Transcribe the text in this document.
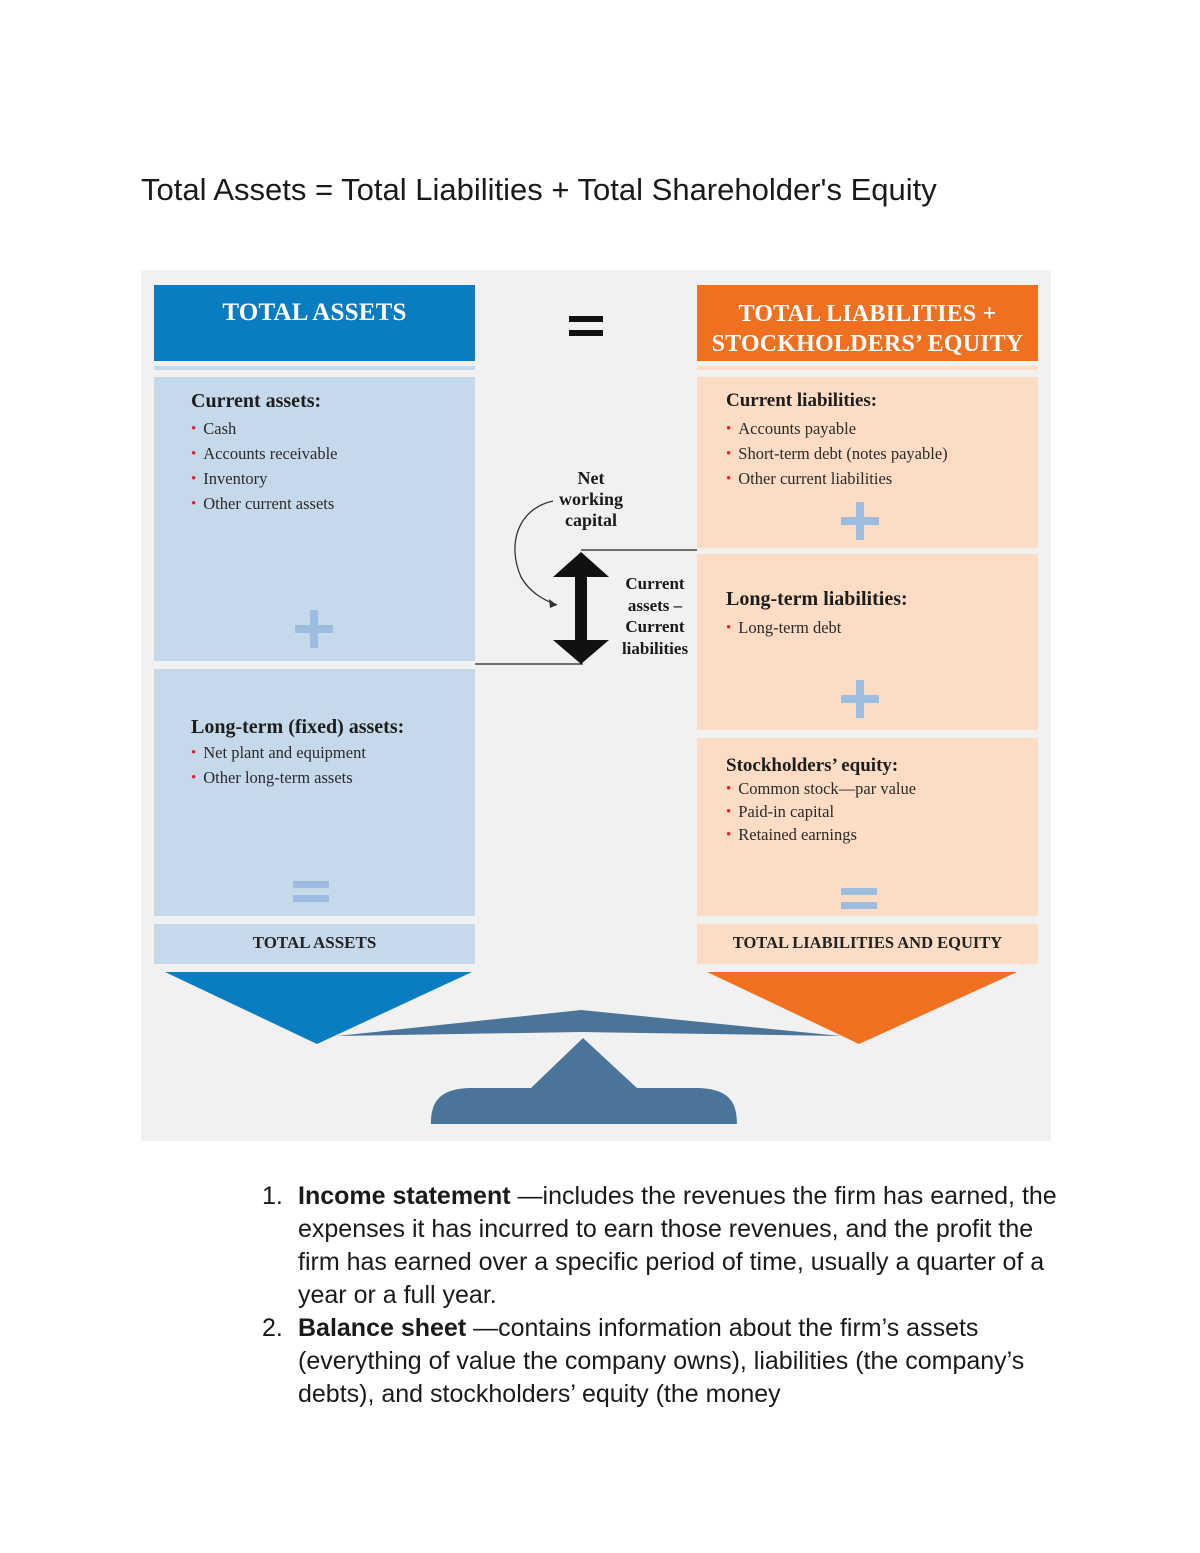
Total Assets = Total Liabilities + Total Shareholder's Equity
TOTAL ASSETS	TOTAL LIABILITIES +
STOCKHOLDERS’ EQUITY
Current assets:
• Cash
• Accounts receivable
• Inventory
• Other current assets
Long-term (fixed) assets:
• Net plant and equipment
• Other long-term assets
TOTAL ASSETS
Current liabilities:
• Accounts payable
• Short-term debt (notes payable)
• Other current liabilities
Long-term liabilities:
• Long-term debt
Stockholders’ equity:
• Common stock—par value
• Paid-in capital
• Retained earnings
TOTAL LIABILITIES AND EQUITY
Net
working
capital
Current
assets –
Current
liabilities
1. Income statement —includes the revenues the firm has earned, the expenses it has incurred to earn those revenues, and the profit the firm has earned over a specific period of time, usually a quarter of a year or a full year.
2. Balance sheet —contains information about the firm’s assets (everything of value the company owns), liabilities (the company’s debts), and stockholders’ equity (the money
